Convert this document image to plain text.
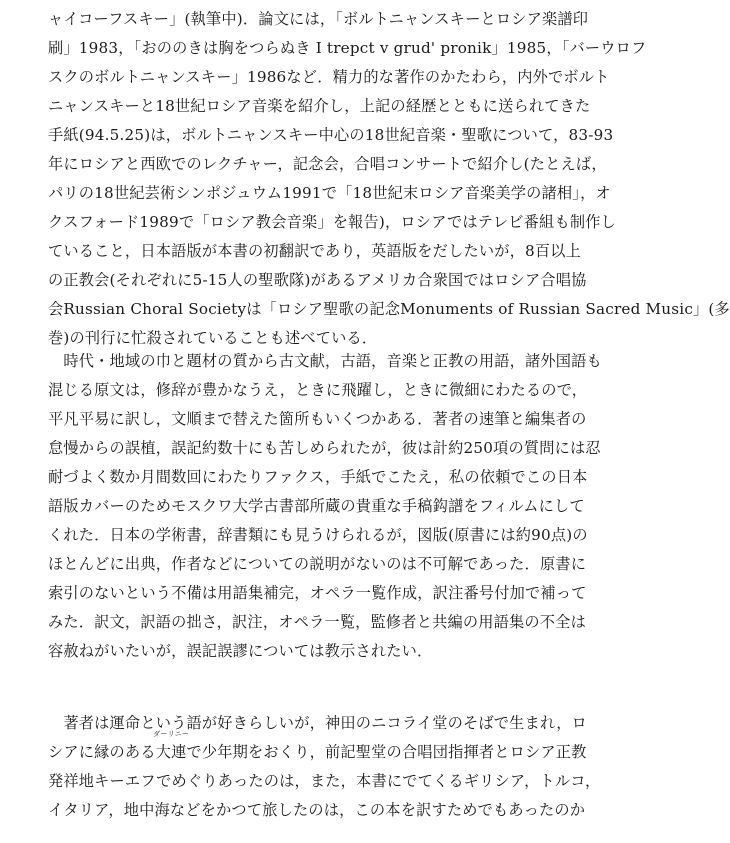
ャイコーフスキー」(執筆中)．論文には，「ボルトニャンスキーとロシア楽譜印
刷」1983，「おののきは胸をつらぬき I trepct v grud' pronik」1985，「バーウロフ
スクのボルトニャンスキー」1986など．精力的な著作のかたわら，内外でボルト
ニャンスキーと18世紀ロシア音楽を紹介し，上記の経歴とともに送られてきた
手紙(94.5.25)は，ボルトニャンスキー中心の18世紀音楽・聖歌について，83-93
年にロシアと西欧でのレクチャー，記念会，合唱コンサートで紹介し(たとえば，
パリの18世紀芸術シンポジュウム1991で「18世紀末ロシア音楽美学の諸相」，オ
クスフォード1989で「ロシア教会音楽」を報告)，ロシアではテレビ番組も制作し
ていること，日本語版が本書の初翻訳であり，英語版をだしたいが，8百以上
の正教会(それぞれに5-15人の聖歌隊)があるアメリカ合衆国ではロシア合唱協
会Russian Choral Societyは「ロシア聖歌の記念Monuments of Russian Sacred Music」(多
巻)の刊行に忙殺されていることも述べている．
　時代・地域の巾と題材の質から古文献，古語，音楽と正教の用語，諸外国語も
混じる原文は，修辞が豊かなうえ，ときに飛躍し，ときに微細にわたるので，
平凡平易に訳し，文順まで替えた箇所もいくつかある．著者の速筆と編集者の
怠慢からの誤植，誤記約数十にも苦しめられたが，彼は計約250項の質問には忍
耐づよく数か月間数回にわたりファクス，手紙でこたえ，私の依頼でこの日本
語版カバーのためモスクワ大学古書部所蔵の貴重な手稿鈎譜をフィルムにして
くれた．日本の学術書，辞書類にも見うけられるが，図版(原書には約90点)の
ほとんどに出典，作者などについての説明がないのは不可解であった．原書に
索引のないという不備は用語集補完，オペラ一覧作成，訳注番号付加で補って
みた．訳文，訳語の拙さ，訳注，オペラ一覧，監修者と共編の用語集の不全は
容赦ねがいたいが，誤記誤謬については教示されたい．
　著者は運命という語が好きらしいが，神田のニコライ堂のそばで生まれ，ロ
シアに縁のある
ダーリニー
大連で少年期をおくり，前記聖堂の合唱団指揮者とロシア正教
発祥地キーエフでめぐりあったのは，また，本書にでてくるギリシア，トルコ，
イタリア，地中海などをかつて旅したのは，この本を訳すためでもあったのか
